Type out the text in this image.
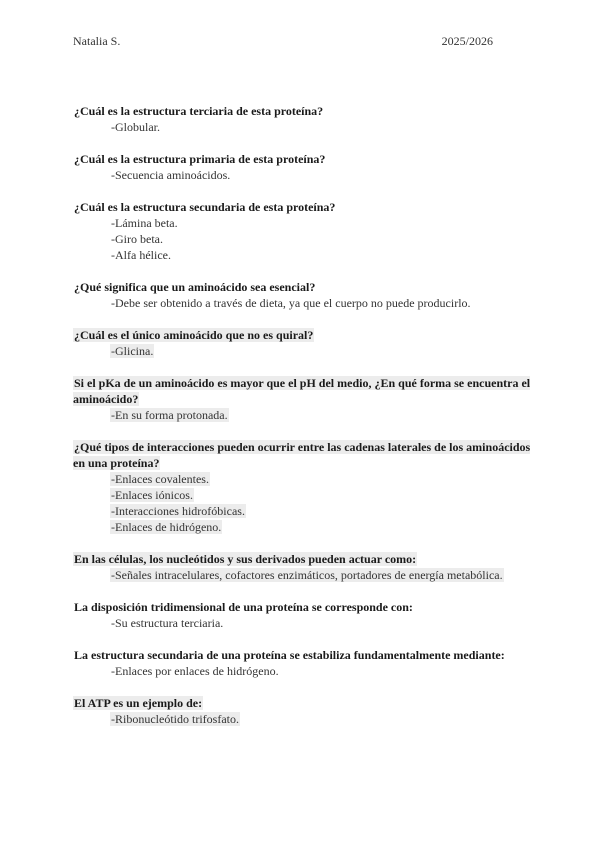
Natalia S.	2025/2026
¿Cuál es la estructura terciaria de esta proteína?
-Globular.
¿Cuál es la estructura primaria de esta proteína?
-Secuencia aminoácidos.
¿Cuál es la estructura secundaria de esta proteína?
-Lámina beta.
-Giro beta.
-Alfa hélice.
¿Qué significa que un aminoácido sea esencial?
-Debe ser obtenido a través de dieta, ya que el cuerpo no puede producirlo.
¿Cuál es el único aminoácido que no es quiral?
-Glicina.
Si el pKa de un aminoácido es mayor que el pH del medio, ¿En qué forma se encuentra el aminoácido?
-En su forma protonada.
¿Qué tipos de interacciones pueden ocurrir entre las cadenas laterales de los aminoácidos en una proteína?
-Enlaces covalentes.
-Enlaces iónicos.
-Interacciones hidrofóbicas.
-Enlaces de hidrógeno.
En las células, los nucleótidos y sus derivados pueden actuar como:
-Señales intracelulares, cofactores enzimáticos, portadores de energía metabólica.
La disposición tridimensional de una proteína se corresponde con:
-Su estructura terciaria.
La estructura secundaria de una proteína se estabiliza fundamentalmente mediante:
-Enlaces por enlaces de hidrógeno.
El ATP es un ejemplo de:
-Ribonucleótido trifosfato.
